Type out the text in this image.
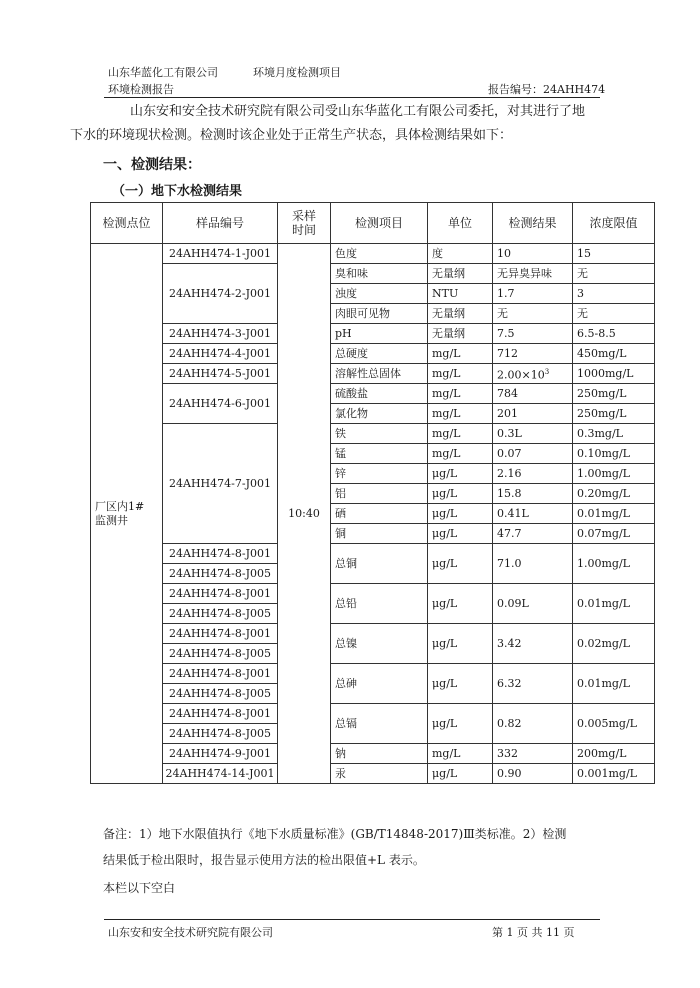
山东华蓝化工有限公司	环境月度检测项目
环境检测报告	报告编号：24AHH474
山东安和安全技术研究院有限公司受山东华蓝化工有限公司委托，对其进行了地
下水的环境现状检测。检测时该企业处于正常生产状态，具体检测结果如下：
一、检测结果：
（一）地下水检测结果
检测点位	样品编号	采样
时间	检测项目	单位	检测结果	浓度限值
厂区内1#
监测井	24AHH474-1-J001	10:40	色度	度	10	15
	24AHH474-2-J001		臭和味	无量纲	无异臭异味	无
			浊度	NTU	1.7	3
			肉眼可见物	无量纲	无	无
	24AHH474-3-J001		pH	无量纲	7.5	6.5-8.5
	24AHH474-4-J001		总硬度	mg/L	712	450mg/L
	24AHH474-5-J001		溶解性总固体	mg/L	$2.00\times 10^3$	1000mg/L
	24AHH474-6-J001		硫酸盐	mg/L	784	250mg/L
			氯化物	mg/L	201	250mg/L
	24AHH474-7-J001		铁	mg/L	0.3L	0.3mg/L
			锰	mg/L	0.07	0.10mg/L
			锌	μg/L	2.16	1.00mg/L
			铝	μg/L	15.8	0.20mg/L
			硒	μg/L	0.41L	0.01mg/L
			铜	μg/L	47.7	0.07mg/L
	24AHH474-8-J001		总铜	μg/L	71.0	1.00mg/L
	24AHH474-8-J005					
	24AHH474-8-J001		总铅	μg/L	0.09L	0.01mg/L
	24AHH474-8-J005					
	24AHH474-8-J001		总镍	μg/L	3.42	0.02mg/L
	24AHH474-8-J005					
	24AHH474-8-J001		总砷	μg/L	6.32	0.01mg/L
	24AHH474-8-J005					
	24AHH474-8-J001		总镉	μg/L	0.82	0.005mg/L
	24AHH474-8-J005					
	24AHH474-9-J001		钠	mg/L	332	200mg/L
	24AHH474-14-J001		汞	μg/L	0.90	0.001mg/L
备注：1）地下水限值执行《地下水质量标准》(GB/T14848-2017)Ⅲ类标准。2）检测
结果低于检出限时，报告显示使用方法的检出限值+L 表示。
本栏以下空白
山东安和安全技术研究院有限公司	第 1 页 共 11 页
